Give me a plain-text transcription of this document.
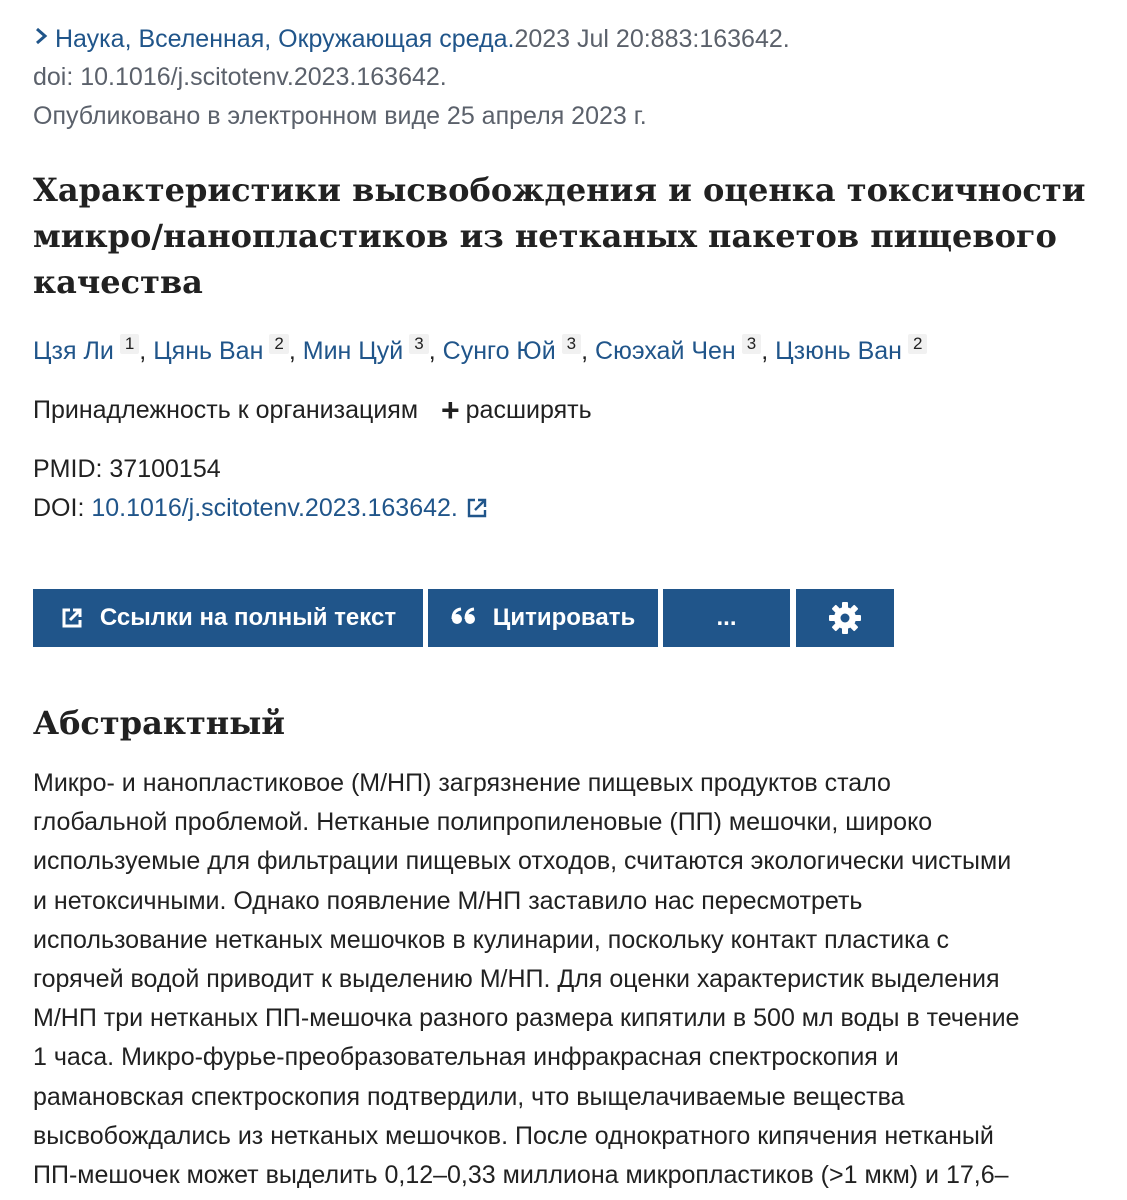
Наука, Вселенная, Окружающая среда.2023 Jul 20:883:163642.
doi: 10.1016/j.scitotenv.2023.163642.
Опубликовано в электронном виде 25 апреля 2023 г.
Характеристики высвобождения и оценка токсичности микро/нанопластиков из нетканых пакетов пищевого качества
Цзя Ли 1 , Цянь Ван 2 , Мин Цуй 3 , Сунго Юй 3 , Сюэхай Чен 3 , Цзюнь Ван 2
Принадлежность к организациям + расширять
PMID: 37100154
DOI: 10.1016/j.scitotenv.2023.163642.
Ссылки на полный текст	Цитировать	...
Абстрактный
Микро- и нанопластиковое (М/НП) загрязнение пищевых продуктов стало
глобальной проблемой. Нетканые полипропиленовые (ПП) мешочки, широко
используемые для фильтрации пищевых отходов, считаются экологически чистыми
и нетоксичными. Однако появление М/НП заставило нас пересмотреть
использование нетканых мешочков в кулинарии, поскольку контакт пластика с
горячей водой приводит к выделению М/НП. Для оценки характеристик выделения
М/НП три нетканых ПП-мешочка разного размера кипятили в 500 мл воды в течение
1 часа. Микро-фурье-преобразовательная инфракрасная спектроскопия и
рамановская спектроскопия подтвердили, что выщелачиваемые вещества
высвобождались из нетканых мешочков. После однократного кипячения нетканый
ПП-мешочек может выделить 0,12–0,33 миллиона микропластиков (>1 мкм) и 17,6–
